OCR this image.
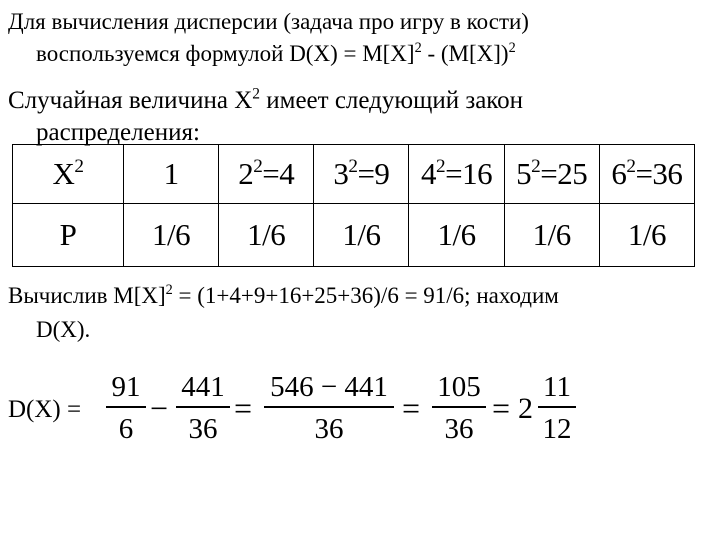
Для вычисления дисперсии (задача про игру в кости)
воспользуемся формулой $D(X) = M[X]^2 - (M[X])^2$
Случайная величина $X^2$ имеет следующий закон
распределения:
$X^2$	1	$2^2=4$	$3^2=9$	$4^2=16$	$5^2=25$	$6^2=36$
P	1/6	1/6	1/6	1/6	1/6	1/6
Вычислив $M[X]^2 = (1+4+9+16+25+36)/6 = 91/6$; находим
D(X).
D(X) =
91
6
−
441
36
=
546 − 441
36
=
105
36
= 2
11
12
